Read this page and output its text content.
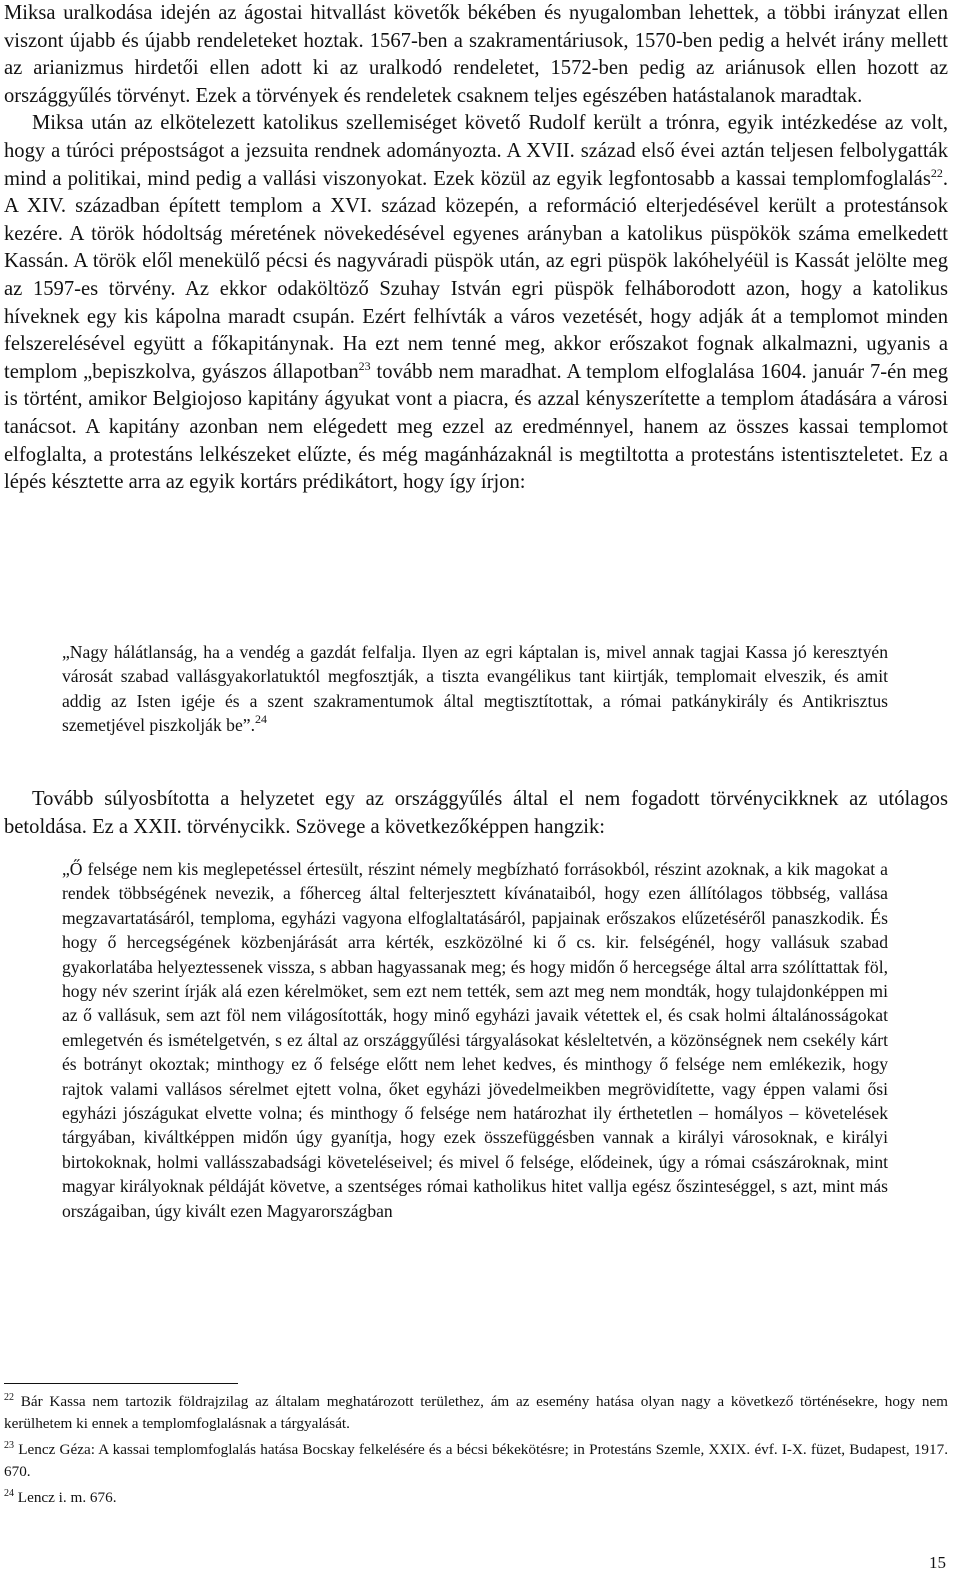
Miksa uralkodása idején az ágostai hitvallást követők békében és nyugalomban lehettek, a többi irányzat ellen viszont újabb és újabb rendeleteket hoztak. 1567-ben a szakramentáriusok, 1570-ben pedig a helvét irány mellett az arianizmus hirdetői ellen adott ki az uralkodó rendeletet, 1572-ben pedig az ariánusok ellen hozott az országgyűlés törvényt. Ezek a törvények és rendeletek csaknem teljes egészében hatástalanok maradtak.

Miksa után az elkötelezett katolikus szellemiséget követő Rudolf került a trónra, egyik intézkedése az volt, hogy a túróci prépostságot a jezsuita rendnek adományozta. A XVII. század első évei aztán teljesen felbolygatták mind a politikai, mind pedig a vallási viszonyokat. Ezek közül az egyik legfontosabb a kassai templomfoglalás$^{22}$. A XIV. században épített templom a XVI. század közepén, a reformáció elterjedésével került a protestánsok kezére. A török hódoltság méretének növekedésével egyenes arányban a katolikus püspökök száma emelkedett Kassán. A török elől menekülő pécsi és nagyváradi püspök után, az egri püspök lakóhelyéül is Kassát jelölte meg az 1597-es törvény. Az ekkor odaköltöző Szuhay István egri püspök felháborodott azon, hogy a katolikus híveknek egy kis kápolna maradt csupán. Ezért felhívták a város vezetését, hogy adják át a templomot minden felszerelésével együtt a főkapitánynak. Ha ezt nem tenné meg, akkor erőszakot fognak alkalmazni, ugyanis a templom „bepiszkolva, gyászos állapotban$^{23}$ tovább nem maradhat. A templom elfoglalása 1604. január 7-én meg is történt, amikor Belgiojoso kapitány ágyukat vont a piacra, és azzal kényszerítette a templom átadására a városi tanácsot. A kapitány azonban nem elégedett meg ezzel az eredménnyel, hanem az összes kassai templomot elfoglalta, a protestáns lelkészeket elűzte, és még magánházaknál is megtiltotta a protestáns istentiszteletet. Ez a lépés késztette arra az egyik kortárs prédikátort, hogy így írjon:

„Nagy hálátlanság, ha a vendég a gazdát felfalja. Ilyen az egri káptalan is, mivel annak tagjai Kassa jó keresztyén városát szabad vallásgyakorlatuktól megfosztják, a tiszta evangélikus tant kiirtják, templomait elveszik, és amit addig az Isten igéje és a szent szakramentumok által megtisztítottak, a római patkánykirály és Antikrisztus szemetjével piszkolják be”.$^{24}$

Tovább súlyosbította a helyzetet egy az országgyűlés által el nem fogadott törvénycikknek az utólagos betoldása. Ez a XXII. törvénycikk. Szövege a következőképpen hangzik:

„Ő felsége nem kis meglepetéssel értesült, részint némely megbízható forrásokból, részint azoknak, a kik magokat a rendek többségének nevezik, a főherceg által felterjesztett kívánataiból, hogy ezen állítólagos többség, vallása megzavartatásáról, temploma, egyházi vagyona elfoglaltatásáról, papjainak erőszakos elűzetéséről panaszkodik. És hogy ő hercegségének közbenjárását arra kérték, eszközölné ki ő cs. kir. felségénél, hogy vallásuk szabad gyakorlatába helyeztessenek vissza, s abban hagyassanak meg; és hogy midőn ő hercegsége által arra szólíttattak föl, hogy név szerint írják alá ezen kérelmöket, sem ezt nem tették, sem azt meg nem mondták, hogy tulajdonképpen mi az ő vallásuk, sem azt föl nem világosították, hogy minő egyházi javaik vétettek el, és csak holmi általánosságokat emlegetvén és ismételgetvén, s ez által az országgyűlési tárgyalásokat késleltetvén, a közönségnek nem csekély kárt és botrányt okoztak; minthogy ez ő felsége előtt nem lehet kedves, és minthogy ő felsége nem emlékezik, hogy rajtok valami vallásos sérelmet ejtett volna, őket egyházi jövedelmeikben megrövidítette, vagy éppen valami ősi egyházi jószágukat elvette volna; és minthogy ő felsége nem határozhat ily érthetetlen – homályos – követelések tárgyában, kiváltképpen midőn úgy gyanítja, hogy ezek összefüggésben vannak a királyi városoknak, e királyi birtokoknak, holmi vallásszabadsági követeléseivel; és mivel ő felsége, elődeinek, úgy a római császároknak, mint magyar királyoknak példáját követve, a szentséges római katholikus hitet vallja egész őszinteséggel, s azt, mint más országaiban, úgy kivált ezen Magyarországban

$^{22}$ Bár Kassa nem tartozik földrajzilag az általam meghatározott területhez, ám az esemény hatása olyan nagy a következő történésekre, hogy nem kerülhetem ki ennek a templomfoglalásnak a tárgyalását.

$^{23}$ Lencz Géza: A kassai templomfoglalás hatása Bocskay felkelésére és a bécsi békekötésre; in Protestáns Szemle, XXIX. évf. I-X. füzet, Budapest, 1917. 670.

$^{24}$ Lencz i. m. 676.

15
